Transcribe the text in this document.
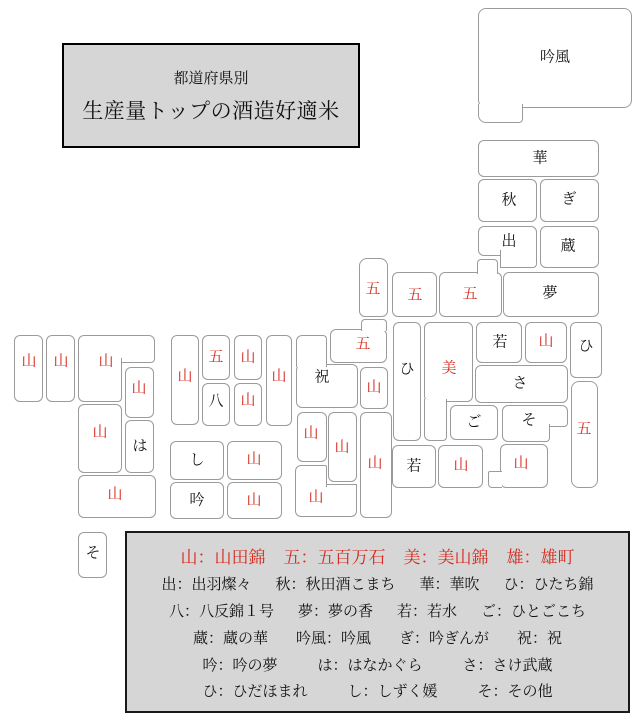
都道府県別
生産量トップの酒造好適米
山：山田錦 五：五百万石 美：美山錦 雄：雄町
出：出羽燦々 秋：秋田酒こまち 華：華吹 ひ：ひたち錦
八：八反錦１号 夢：夢の香 若：若水 ご：ひとごこち
蔵：蔵の華 吟風：吟風 ぎ：吟ぎんが 祝：祝
吟：吟の夢	は：はなかぐら	さ：さけ武蔵
ひ：ひだほまれ	し：しずく媛	そ：その他
吟風
華
秋	ぎ
出	蔵
夢
五
五
五
五	若 山 ひ
さ
ご	そ
五
山
山
若
ひ 美
祝
山
山
山
山
山
山
五
八
山
山
山
し	山
吟	山
山 山 山
山
山
は
山
そ
